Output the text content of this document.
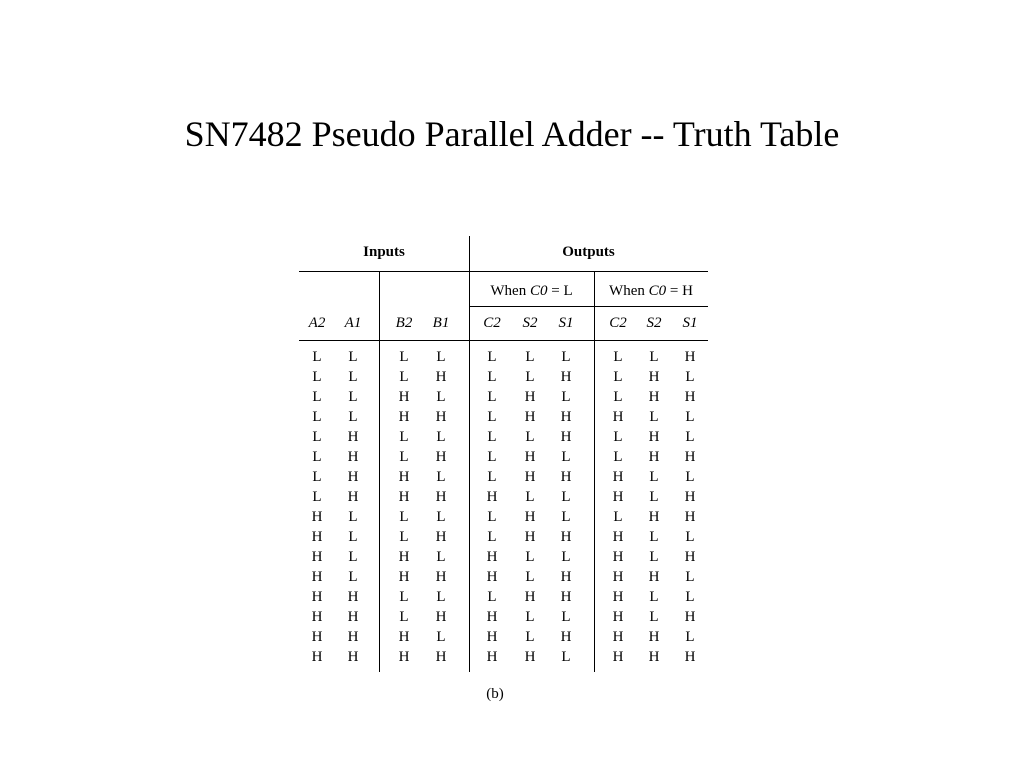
SN7482 Pseudo Parallel Adder -- Truth Table
Inputs	Outputs
When C0 = L	When C0 = H
A2	A1	B2	B1	C2	S2	S1	C2	S2	S1
L	L	L	L	L	L	L	L	L	H
L	L	L	H	L	L	H	L	H	L
L	L	H	L	L	H	L	L	H	H
L	L	H	H	L	H	H	H	L	L
L	H	L	L	L	L	H	L	H	L
L	H	L	H	L	H	L	L	H	H
L	H	H	L	L	H	H	H	L	L
L	H	H	H	H	L	L	H	L	H
H	L	L	L	L	H	L	L	H	H
H	L	L	H	L	H	H	H	L	L
H	L	H	L	H	L	L	H	L	H
H	L	H	H	H	L	H	H	H	L
H	H	L	L	L	H	H	H	L	L
H	H	L	H	H	L	L	H	L	H
H	H	H	L	H	L	H	H	H	L
H	H	H	H	H	H	L	H	H	H
(b)
